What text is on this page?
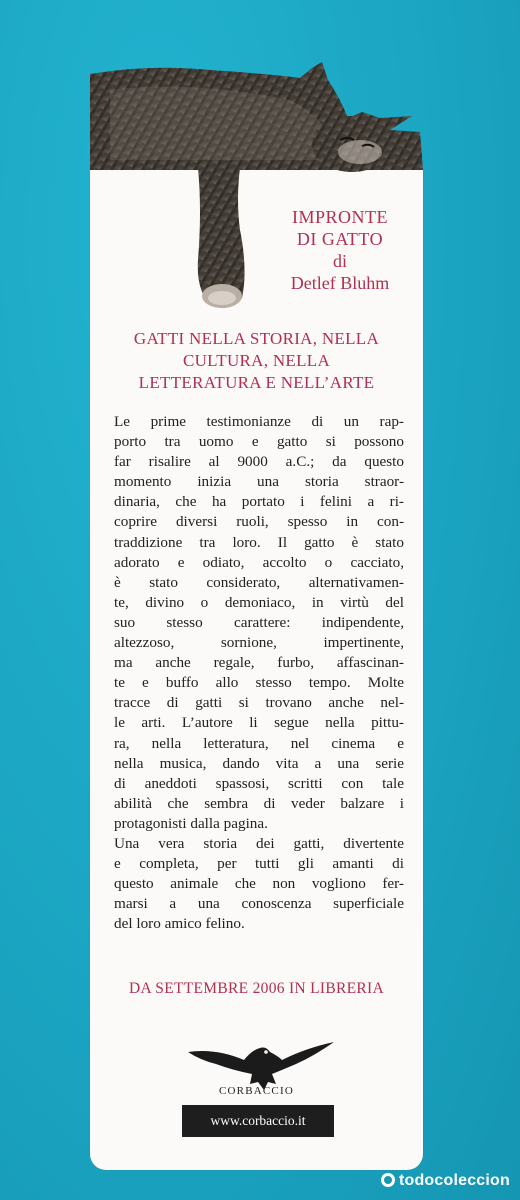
IMPRONTE
DI GATTO
di
Detlef Bluhm
GATTI NELLA STORIA, NELLA
CULTURA, NELLA
LETTERATURA E NELL’ARTE
Le prime testimonianze di un rap-
porto tra uomo e gatto si possono
far risalire al 9000 a.C.; da questo
momento inizia una storia straor-
dinaria, che ha portato i felini a ri-
coprire diversi ruoli, spesso in con-
traddizione tra loro. Il gatto è stato
adorato e odiato, accolto o cacciato,
è stato considerato, alternativamen-
te, divino o demoniaco, in virtù del
suo stesso carattere: indipendente,
altezzoso, sornione, impertinente,
ma anche regale, furbo, affascinan-
te e buffo allo stesso tempo. Molte
tracce di gatti si trovano anche nel-
le arti. L’autore li segue nella pittu-
ra, nella letteratura, nel cinema e
nella musica, dando vita a una serie
di aneddoti spassosi, scritti con tale
abilità che sembra di veder balzare i
protagonisti dalla pagina.
Una vera storia dei gatti, divertente
e completa, per tutti gli amanti di
questo animale che non vogliono fer-
marsi a una conoscenza superficiale
del loro amico felino.
DA SETTEMBRE 2006 IN LIBRERIA
CORBACCIO
www.corbaccio.it
todocoleccion
